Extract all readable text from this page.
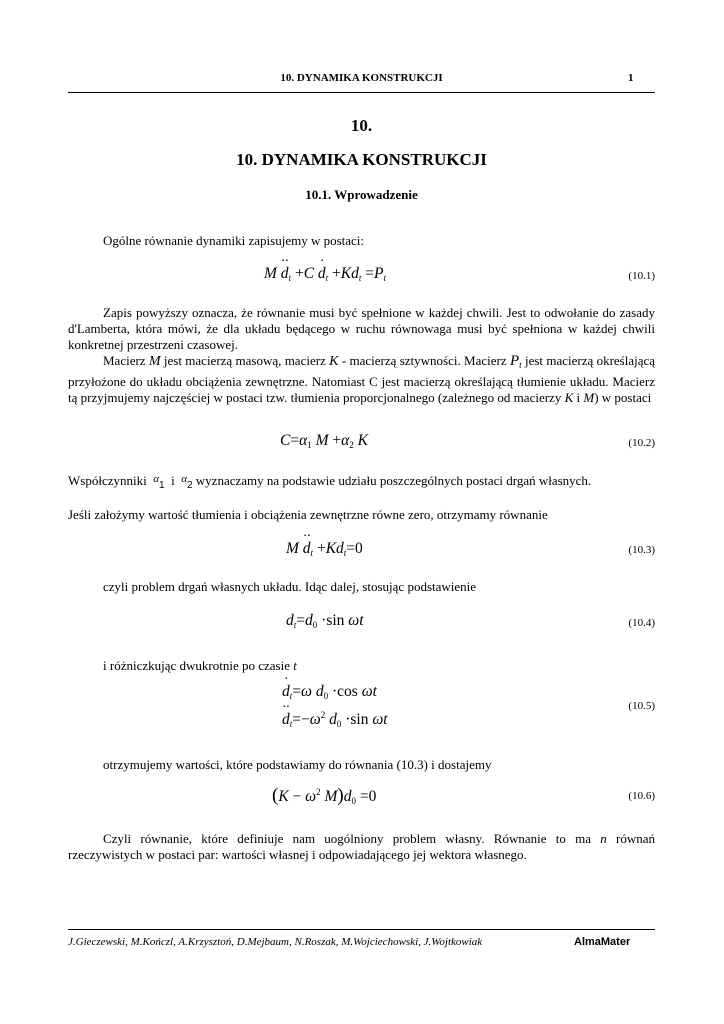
10. DYNAMIKA KONSTRUKCJI	1
10.
10. DYNAMIKA KONSTRUKCJI
10.1. Wprowadzenie
Ogólne równanie dynamiki zapisujemy w postaci:
$M \cdot\cdot d_t +C \cdot d_t +Kd_t =P_t$	(10.1)
Zapis powyższy oznacza, że równanie musi być spełnione w każdej chwili. Jest to odwołanie do zasady d'Lamberta, która mówi, że dla układu będącego w ruchu równowaga musi być spełniona w każdej chwili konkretnej przestrzeni czasowej.
Macierz M jest macierzą masową, macierz K - macierzą sztywności. Macierz $P_t$ jest macierzą określającą przyłożone do układu obciążenia zewnętrzne. Natomiast C jest macierzą określającą tłumienie układu. Macierz tą przyjmujemy najczęściej w postaci tzw. tłumienia proporcjonalnego (zależnego od macierzy K i M) w postaci
$C=\alpha_1$ $M +\alpha_2$ K	(10.2)
Współczynniki $^\alpha_1$ i $^\alpha_2$ wyznaczamy na podstawie udziału poszczególnych postaci drgań własnych.
Jeśli założymy wartość tłumienia i obciążenia zewnętrzne równe zero, otrzymamy równanie
$M \cdot\cdot d_t +Kd_t=0$	(10.3)
czyli problem drgań własnych układu. Idąc dalej, stosując podstawienie
$d_t=d_0 \cdot\sin$ ωt	(10.4)
i różniczkując dwukrotnie po czasie t
· $d_t=\omega$ $d_0 \cdot\cos$ ωt
·· $d_t=-\omega^2$ $d_0 \cdot\sin$ ωt
(10.5)
otrzymujemy wartości, które podstawiamy do równania (10.3) i dostajemy
($K - \omega^2$ $M)d_0 =0$	(10.6)
Czyli równanie, które definiuje nam uogólniony problem własny. Równanie to ma n równań rzeczywistych w postaci par: wartości własnej i odpowiadającego jej wektora własnego.
J.Gieczewski, M.Kończl, A.Krzysztoń, D.Mejbaum, N.Roszak, M.Wojciechowski, J.Wojtkowiak	AlmaMater
